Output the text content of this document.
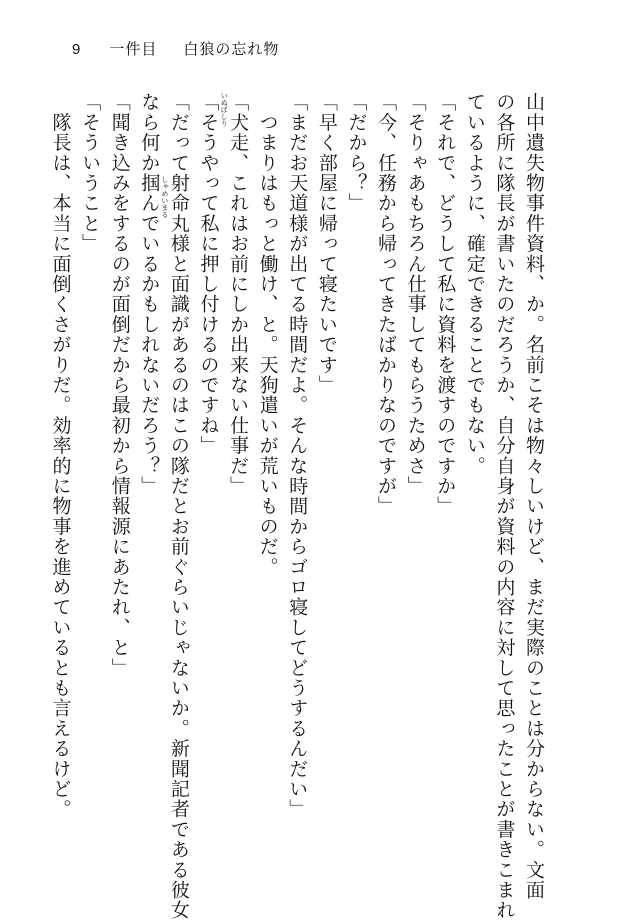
9 一件目 白狼の忘れ物
山中遺失物事件資料、か。名前こそは物々しいけど、まだ実際のことは分からない。文面
の各所に隊長が書いたのだろうか、自分自身が資料の内容に対して思ったことが書きこまれ
ているように、確定できることでもない。
「それで、どうして私に資料を渡すのですか」
「そりゃあもちろん仕事してもらうためさ」
「今、任務から帰ってきたばかりなのですが」
「だから？」
「早く部屋に帰って寝たいです」
「まだお天道様が出てる時間だよ。そんな時間からゴロ寝してどうするんだい」
　つまりはもっと働け、と。天狗遣いが荒いものだ。
いぬばしり 「犬走、これはお前にしか出来ない仕事だ」
「そうやって私に押し付けるのですね」
しゃめいまる 「だって射命丸様と面識があるのはこの隊だとお前ぐらいじゃないか。新聞記者である彼女
なら何か掴んでいるかもしれないだろう？」
「聞き込みをするのが面倒だから最初から情報源にあたれ、と」
「そういうこと」
　隊長は、本当に面倒くさがりだ。効率的に物事を進めているとも言えるけど。
